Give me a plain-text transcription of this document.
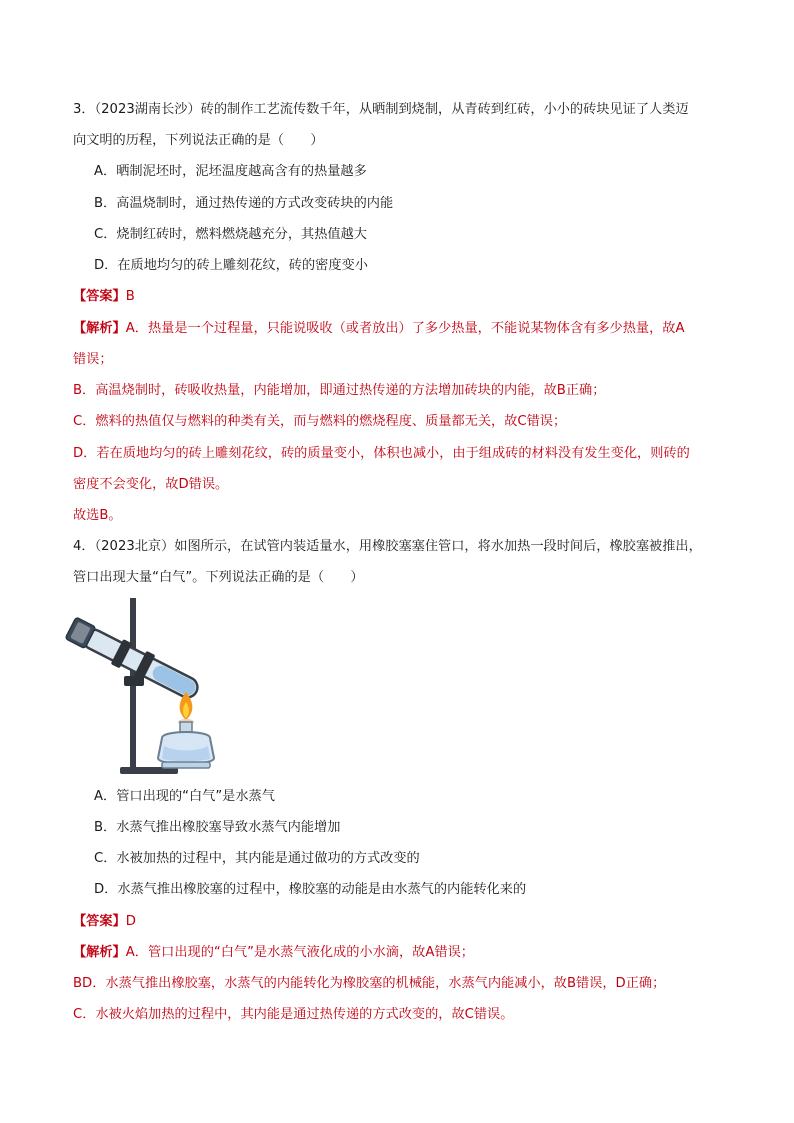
3．（2023湖南长沙）砖的制作工艺流传数千年，从晒制到烧制，从青砖到红砖，小小的砖块见证了人类迈
向文明的历程，下列说法正确的是（　　）
A．晒制泥坯时，泥坯温度越高含有的热量越多
B．高温烧制时，通过热传递的方式改变砖块的内能
C．烧制红砖时，燃料燃烧越充分，其热值越大
D．在质地均匀的砖上雕刻花纹，砖的密度变小
【答案】B
【解析】A．热量是一个过程量，只能说吸收（或者放出）了多少热量，不能说某物体含有多少热量，故A
错误；
B．高温烧制时，砖吸收热量，内能增加，即通过热传递的方法增加砖块的内能，故B正确；
C．燃料的热值仅与燃料的种类有关，而与燃料的燃烧程度、质量都无关，故C错误；
D．若在质地均匀的砖上雕刻花纹，砖的质量变小，体积也减小，由于组成砖的材料没有发生变化，则砖的
密度不会变化，故D错误。
故选B。
4．（2023北京）如图所示，在试管内装适量水，用橡胶塞塞住管口，将水加热一段时间后，橡胶塞被推出，
管口出现大量“白气”。下列说法正确的是（　　）
A．管口出现的“白气”是水蒸气
B．水蒸气推出橡胶塞导致水蒸气内能增加
C．水被加热的过程中，其内能是通过做功的方式改变的
D．水蒸气推出橡胶塞的过程中，橡胶塞的动能是由水蒸气的内能转化来的
【答案】D
【解析】A．管口出现的“白气”是水蒸气液化成的小水滴，故A错误；
BD．水蒸气推出橡胶塞，水蒸气的内能转化为橡胶塞的机械能，水蒸气内能减小，故B错误，D正确；
C．水被火焰加热的过程中，其内能是通过热传递的方式改变的，故C错误。
